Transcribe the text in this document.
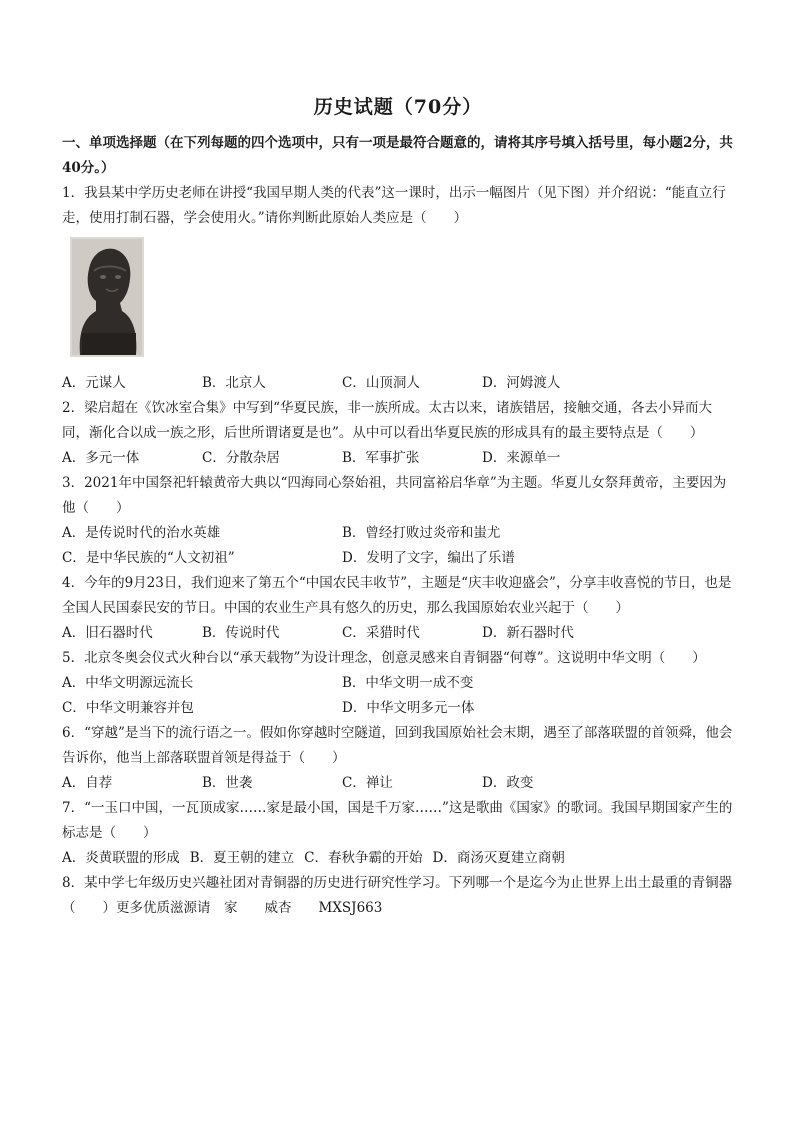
历史试题（70分）

一、单项选择题（在下列每题的四个选项中，只有一项是最符合题意的，请将其序号填入括号里，每小题2分，共40分。）

1．我县某中学历史老师在讲授“我国早期人类的代表”这一课时，出示一幅图片（见下图）并介绍说：“能直立行走，使用打制石器，学会使用火。”请你判断此原始人类应是（　　）

A．元谋人	B．北京人	C．山顶洞人	D．河姆渡人

2．梁启超在《饮冰室合集》中写到“华夏民族，非一族所成。太古以来，诸族错居，接触交通，各去小异而大同，渐化合以成一族之形，后世所谓诸夏是也”。从中可以看出华夏民族的形成具有的最主要特点是（　　）

A．多元一体	C．分散杂居	B．军事扩张	D．来源单一

3．2021年中国祭祀轩辕黄帝大典以“四海同心祭始祖，共同富裕启华章”为主题。华夏儿女祭拜黄帝，主要因为他（　　）

A．是传说时代的治水英雄	B．曾经打败过炎帝和蚩尤
C．是中华民族的“人文初祖”	D．发明了文字，编出了乐谱

4．今年的9月23日，我们迎来了第五个“中国农民丰收节”，主题是“庆丰收迎盛会”，分享丰收喜悦的节日，也是全国人民国泰民安的节日。中国的农业生产具有悠久的历史，那么我国原始农业兴起于（　　）

A．旧石器时代	B．传说时代	C．采猎时代	D．新石器时代

5．北京冬奥会仪式火种台以“承天载物”为设计理念，创意灵感来自青铜器“何尊”。这说明中华文明（　　）

A．中华文明源远流长	B．中华文明一成不变
C．中华文明兼容并包	D．中华文明多元一体

6．“穿越”是当下的流行语之一。假如你穿越时空隧道，回到我国原始社会末期，遇至了部落联盟的首领舜，他会告诉你，他当上部落联盟首领是得益于（　　）

A．自荐	B．世袭	C．禅让	D．政变

7．“一玉口中国，一瓦顶成家……家是最小国，国是千万家……”这是歌曲《国家》的歌词。我国早期国家产生的标志是（　　）

A．炎黄联盟的形成 B．夏王朝的建立 C．春秋争霸的开始 D．商汤灭夏建立商朝

8．某中学七年级历史兴趣社团对青铜器的历史进行研究性学习。下列哪一个是迄今为止世界上出土最重的青铜器（　　）更多优质滋源请　家　　威杏　　MXSJ663
